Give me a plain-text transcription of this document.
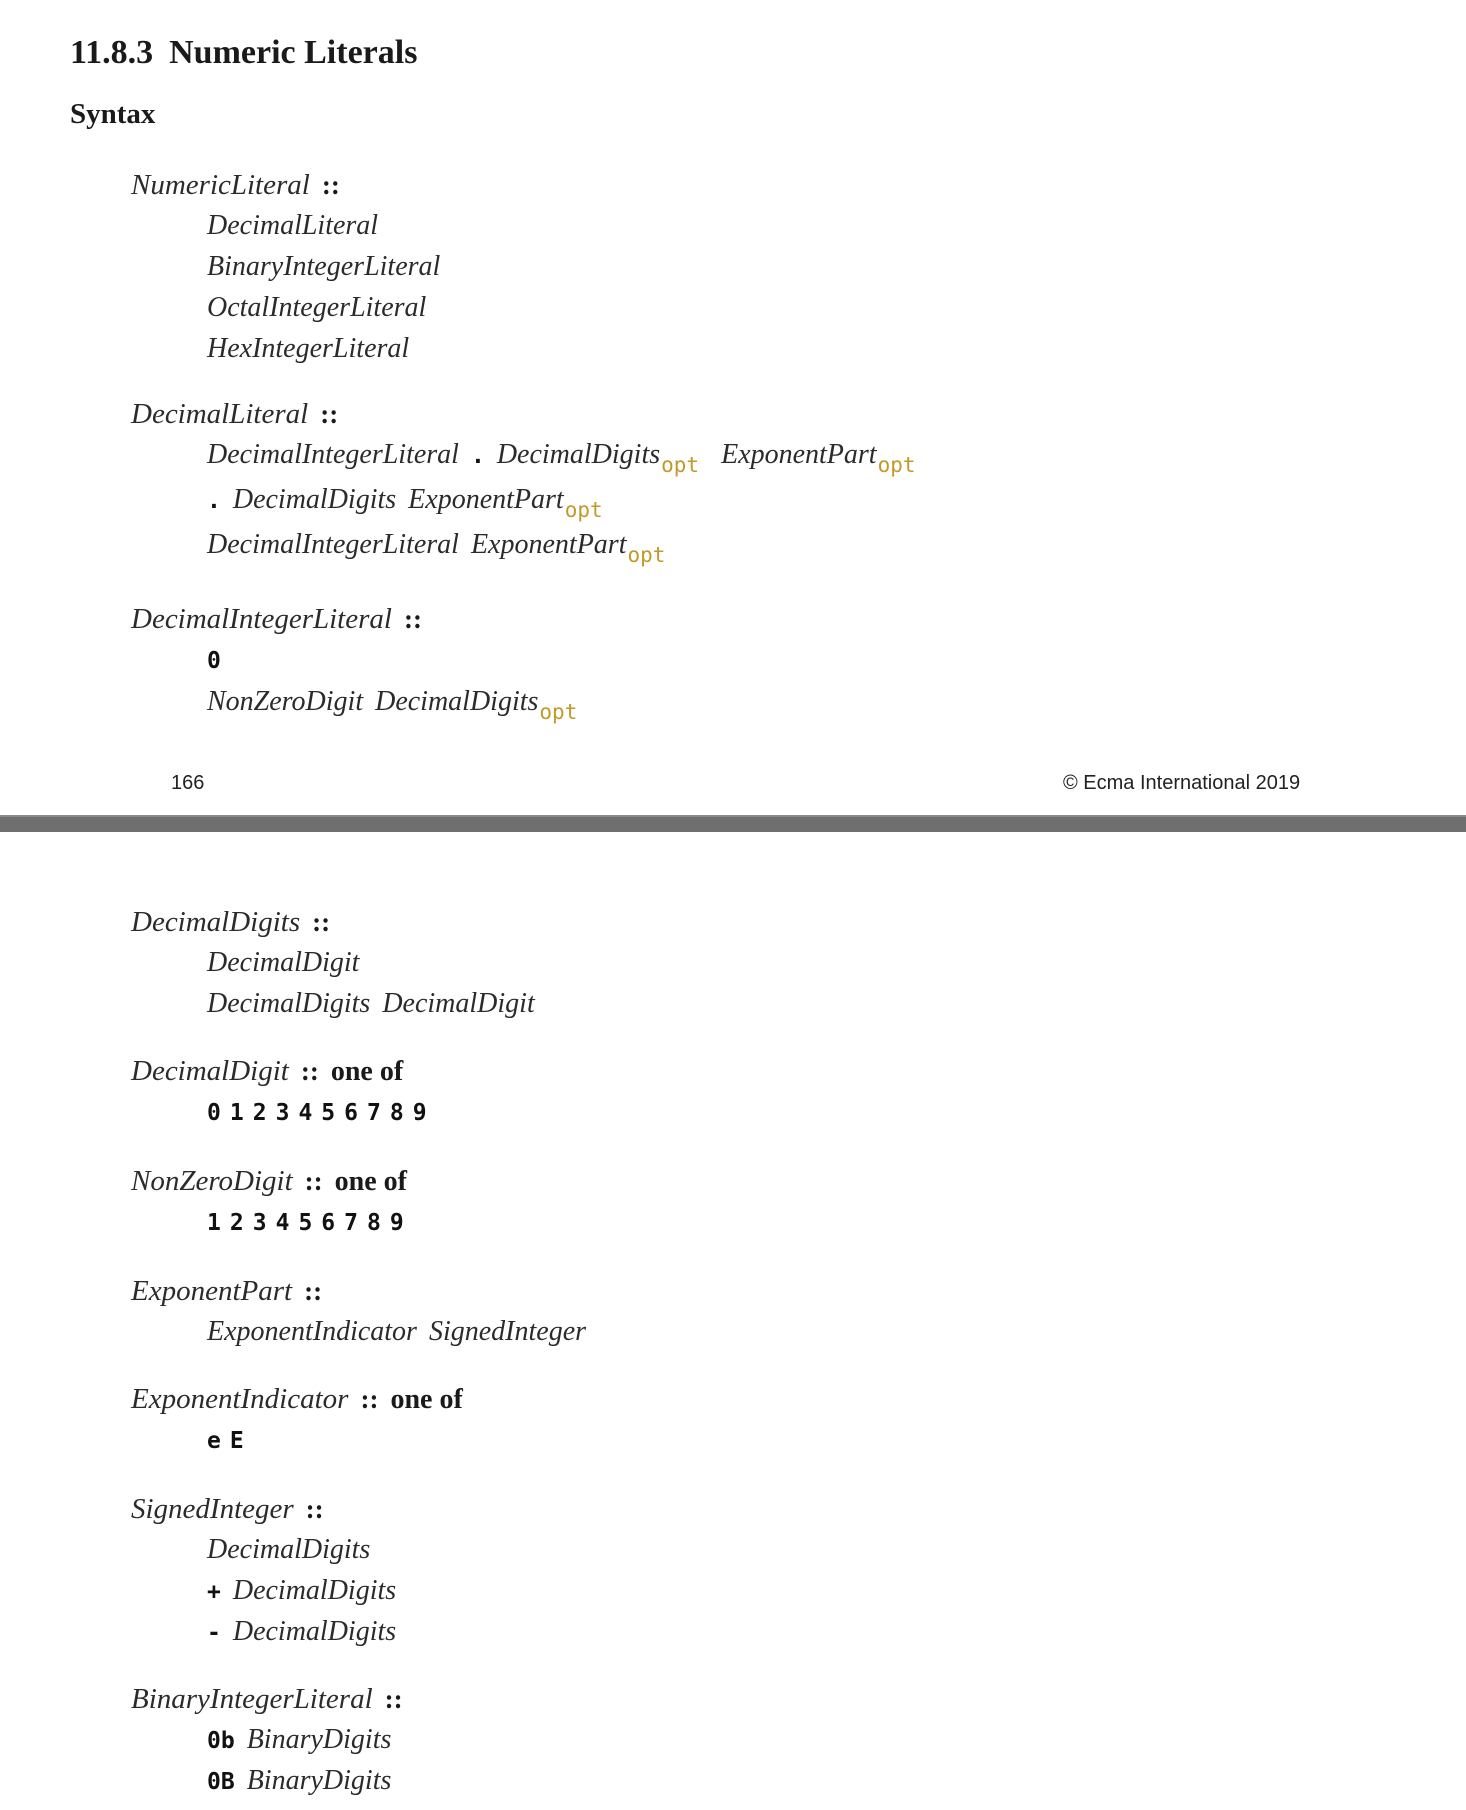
11.8.3 Numeric Literals
Syntax
NumericLiteral ::
DecimalLiteral
BinaryIntegerLiteral
OctalIntegerLiteral
HexIntegerLiteral
DecimalLiteral ::
DecimalIntegerLiteral . DecimalDigits$_{opt}$ ExponentPart$_{opt}$
. DecimalDigits ExponentPart$_{opt}$
DecimalIntegerLiteral ExponentPart$_{opt}$
DecimalIntegerLiteral ::
0
NonZeroDigit DecimalDigits$_{opt}$
166	© Ecma International 2019
DecimalDigits ::
DecimalDigit
DecimalDigits DecimalDigit
DecimalDigit :: one of
0 1 2 3 4 5 6 7 8 9
NonZeroDigit :: one of
1 2 3 4 5 6 7 8 9
ExponentPart ::
ExponentIndicator SignedInteger
ExponentIndicator :: one of
e E
SignedInteger ::
DecimalDigits
+ DecimalDigits
- DecimalDigits
BinaryIntegerLiteral ::
0b BinaryDigits
0B BinaryDigits
